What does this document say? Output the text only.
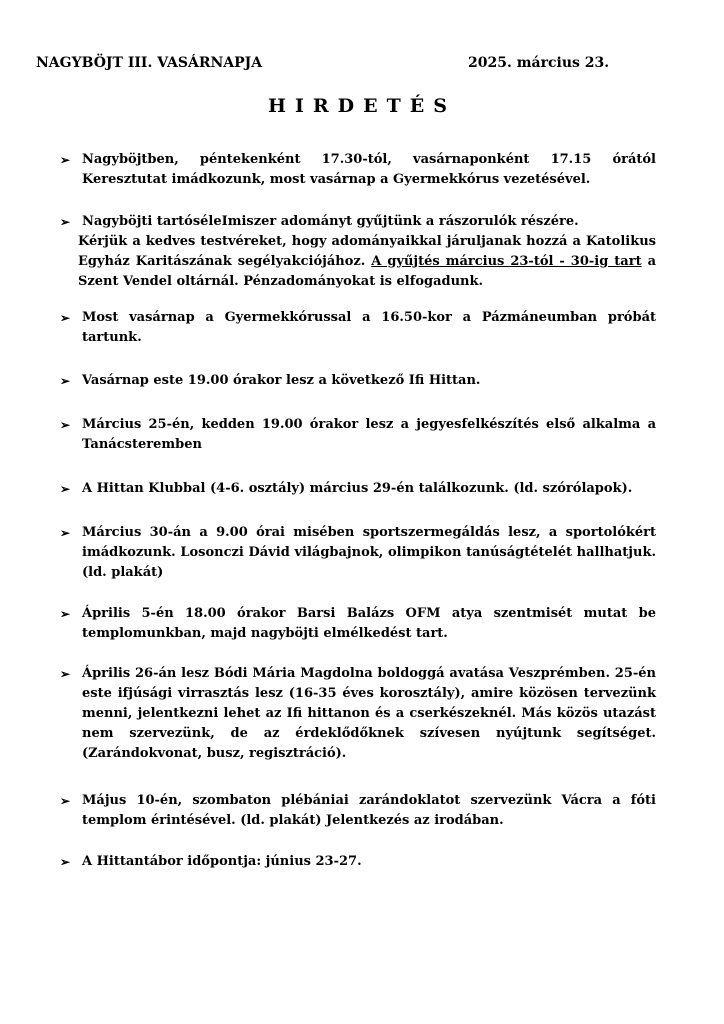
NAGYBÖJT III. VASÁRNAPJA	2025. március 23.
HIRDETÉS
➢ Nagyböjtben, péntekenként 17.30-tól, vasárnaponként 17.15 órától Keresztutat imádkozunk, most vasárnap a Gyermekkórus vezetésével.
➢ Nagyböjti tartóséleImiszer adományt gyűjtünk a rászorulók részére.
Kérjük a kedves testvéreket, hogy adományaikkal járuljanak hozzá a Katolikus Egyház Karitászának segélyakciójához. A gyűjtés március 23-tól - 30-ig tart a Szent Vendel oltárnál. Pénzadományokat is elfogadunk.
➢ Most vasárnap a Gyermekkórussal a 16.50-kor a Pázmáneumban próbát tartunk.
➢ Vasárnap este 19.00 órakor lesz a következő Ifi Hittan.
➢ Március 25-én, kedden 19.00 órakor lesz a jegyesfelkészítés első alkalma a Tanácsteremben
➢ A Hittan Klubbal (4-6. osztály) március 29-én találkozunk. (ld. szórólapok).
➢ Március 30-án a 9.00 órai misében sportszermegáldás lesz, a sportolókért imádkozunk. Losonczi Dávid világbajnok, olimpikon tanúságtételét hallhatjuk. (ld. plakát)
➢ Április 5-én 18.00 órakor Barsi Balázs OFM atya szentmisét mutat be templomunkban, majd nagyböjti elmélkedést tart.
➢ Április 26-án lesz Bódi Mária Magdolna boldoggá avatása Veszprémben. 25-én este ifjúsági virrasztás lesz (16-35 éves korosztály), amire közösen tervezünk menni, jelentkezni lehet az Ifi hittanon és a cserkészeknél. Más közös utazást nem szervezünk, de az érdeklődőknek szívesen nyújtunk segítséget. (Zarándokvonat, busz, regisztráció).
➢ Május 10-én, szombaton plébániai zarándoklatot szervezünk Vácra a fóti templom érintésével. (ld. plakát) Jelentkezés az irodában.
➢ A Hittantábor időpontja: június 23-27.
